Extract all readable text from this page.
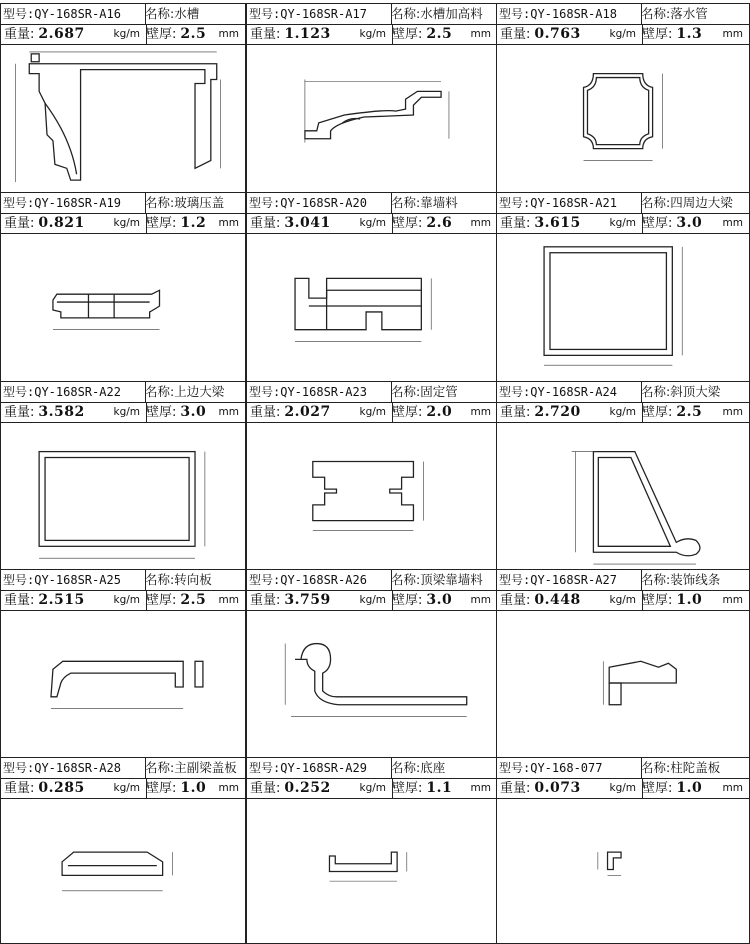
型号:QY-168SR-A16	名称:水槽
重量: 2.687	kg/m 壁厚: 2.5 mm
型号:QY-168SR-A17	名称:水槽加高料
重量: 1.123	kg/m 壁厚: 2.5 mm
型号:QY-168SR-A18	名称:落水管
重量: 0.763	kg/m 壁厚: 1.3 mm
型号:QY-168SR-A19	名称:玻璃压盖
重量: 0.821	kg/m 壁厚: 1.2 mm
型号:QY-168SR-A20	名称:靠墙料
重量: 3.041	kg/m 壁厚: 2.6 mm
型号:QY-168SR-A21	名称:四周边大梁
重量: 3.615	kg/m 壁厚: 3.0 mm
型号:QY-168SR-A22	名称:上边大梁
重量: 3.582	kg/m 壁厚: 3.0 mm
型号:QY-168SR-A23	名称:固定管
重量: 2.027	kg/m 壁厚: 2.0 mm
型号:QY-168SR-A24	名称:斜顶大梁
重量: 2.720	kg/m 壁厚: 2.5 mm
型号:QY-168SR-A25	名称:转向板
重量: 2.515	kg/m 壁厚: 2.5 mm
型号:QY-168SR-A26	名称:顶梁靠墙料
重量: 3.759	kg/m 壁厚: 3.0 mm
型号:QY-168SR-A27	名称:装饰线条
重量: 0.448	kg/m 壁厚: 1.0 mm
型号:QY-168SR-A28	名称:主副梁盖板
重量: 0.285	kg/m 壁厚: 1.0 mm
型号:QY-168SR-A29	名称:底座
重量: 0.252	kg/m 壁厚: 1.1 mm
型号:QY-168-077	名称:柱陀盖板
重量: 0.073	kg/m 壁厚: 1.0 mm
